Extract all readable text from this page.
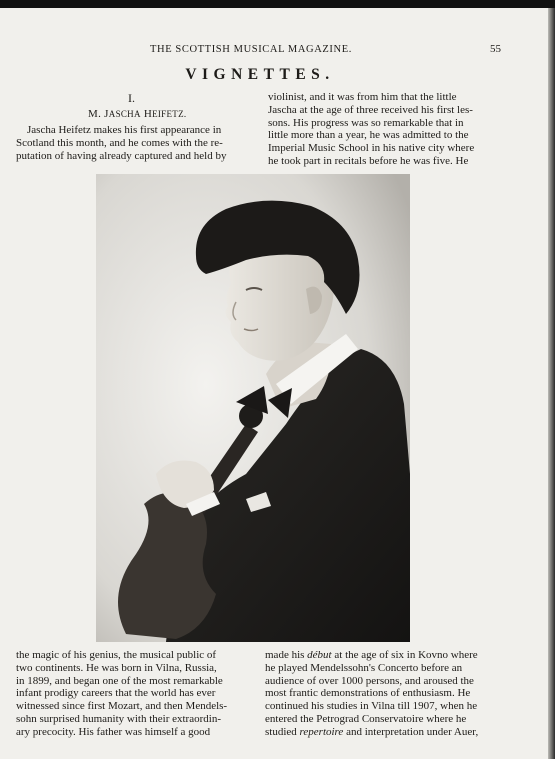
THE SCOTTISH MUSICAL MAGAZINE.	55
VIGNETTES.
I.
M. JASCHA HEIFETZ.
Jascha Heifetz makes his first appearance in
Scotland this month, and he comes with the re-
putation of having already captured and held by
violinist, and it was from him that the little
Jascha at the age of three received his first les-
sons. His progress was so remarkable that in
little more than a year, he was admitted to the
Imperial Music School in his native city where
he took part in recitals before he was five. He
the magic of his genius, the musical public of
two continents. He was born in Vilna, Russia,
in 1899, and began one of the most remarkable
infant prodigy careers that the world has ever
witnessed since first Mozart, and then Mendels-
sohn surprised humanity with their extraordin-
ary precocity. His father was himself a good
made his début at the age of six in Kovno where
he played Mendelssohn's Concerto before an
audience of over 1000 persons, and aroused the
most frantic demonstrations of enthusiasm. He
continued his studies in Vilna till 1907, when he
entered the Petrograd Conservatoire where he
studied repertoire and interpretation under Auer,
